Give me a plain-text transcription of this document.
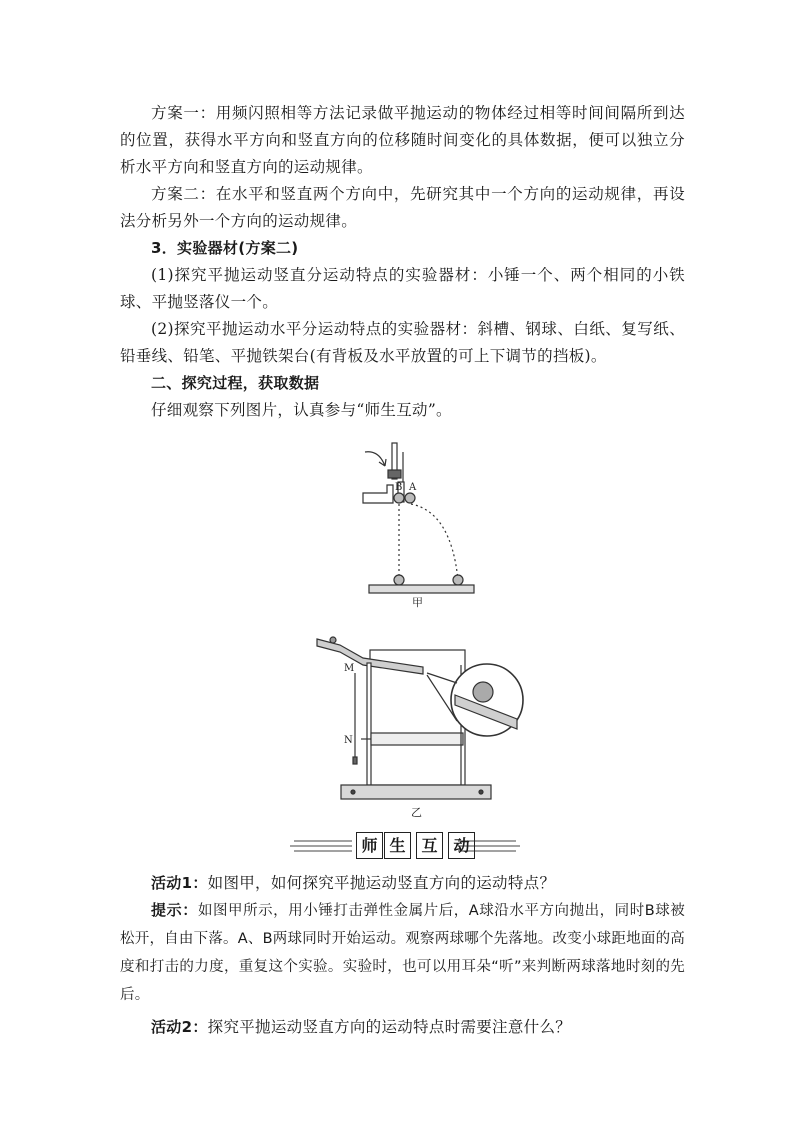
方案一：用频闪照相等方法记录做平抛运动的物体经过相等时间间隔所到达的位置，获得水平方向和竖直方向的位移随时间变化的具体数据，便可以独立分析水平方向和竖直方向的运动规律。

方案二：在水平和竖直两个方向中，先研究其中一个方向的运动规律，再设法分析另外一个方向的运动规律。

3．实验器材(方案二)

(1)探究平抛运动竖直分运动特点的实验器材：小锤一个、两个相同的小铁球、平抛竖落仪一个。

(2)探究平抛运动水平分运动特点的实验器材：斜槽、钢球、白纸、复写纸、铅垂线、铅笔、平抛铁架台(有背板及水平放置的可上下调节的挡板)。

二、探究过程，获取数据

仔细观察下列图片，认真参与“师生互动”。

B A
甲
M
N
乙
师 生 互 动

活动1：如图甲，如何探究平抛运动竖直方向的运动特点？

提示：如图甲所示，用小锤打击弹性金属片后，A球沿水平方向抛出，同时B球被松开，自由下落。A、B两球同时开始运动。观察两球哪个先落地。改变小球距地面的高度和打击的力度，重复这个实验。实验时，也可以用耳朵“听”来判断两球落地时刻的先后。

活动2：探究平抛运动竖直方向的运动特点时需要注意什么？
